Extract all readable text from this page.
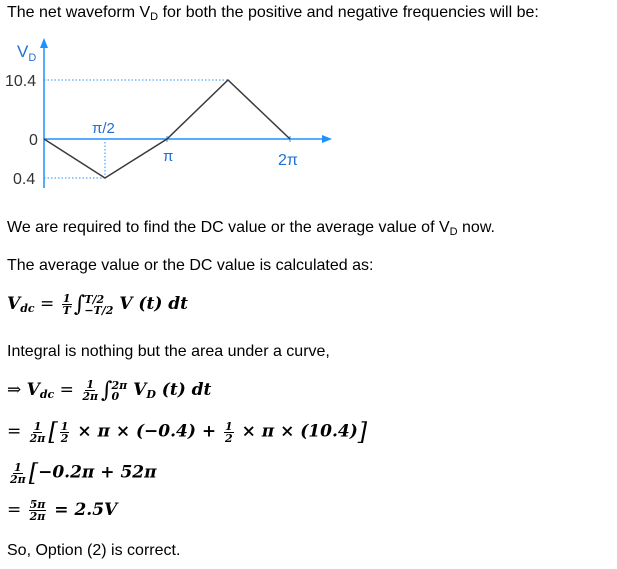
The net waveform $V_D$ for both the positive and negative frequencies will be:
$V_D$
10.4
0
0.4
π/2
π	2π
We are required to find the DC value or the average value of $V_D$ now.
The average value or the DC value is calculated as:
$V_{dc} = \frac{1}{T}$ ∫ T/2
−T/2 V (t) dt
Integral is nothing but the area under a curve,
⇒ $V_{dc} = \frac{1}{2\pi}$ ∫ 2π
0 $V_D$ (t) dt
= $\frac{1}{2\pi}$ [ $\frac{1}{2} \times \pi \times (-0.4) + \frac{1}{2} \times \pi \times (10.4)$]
$\frac{1}{2\pi} [-0.2\pi + 52\pi$
= $\frac{5\pi}{2\pi} = 2.5V$
So, Option (2) is correct.
